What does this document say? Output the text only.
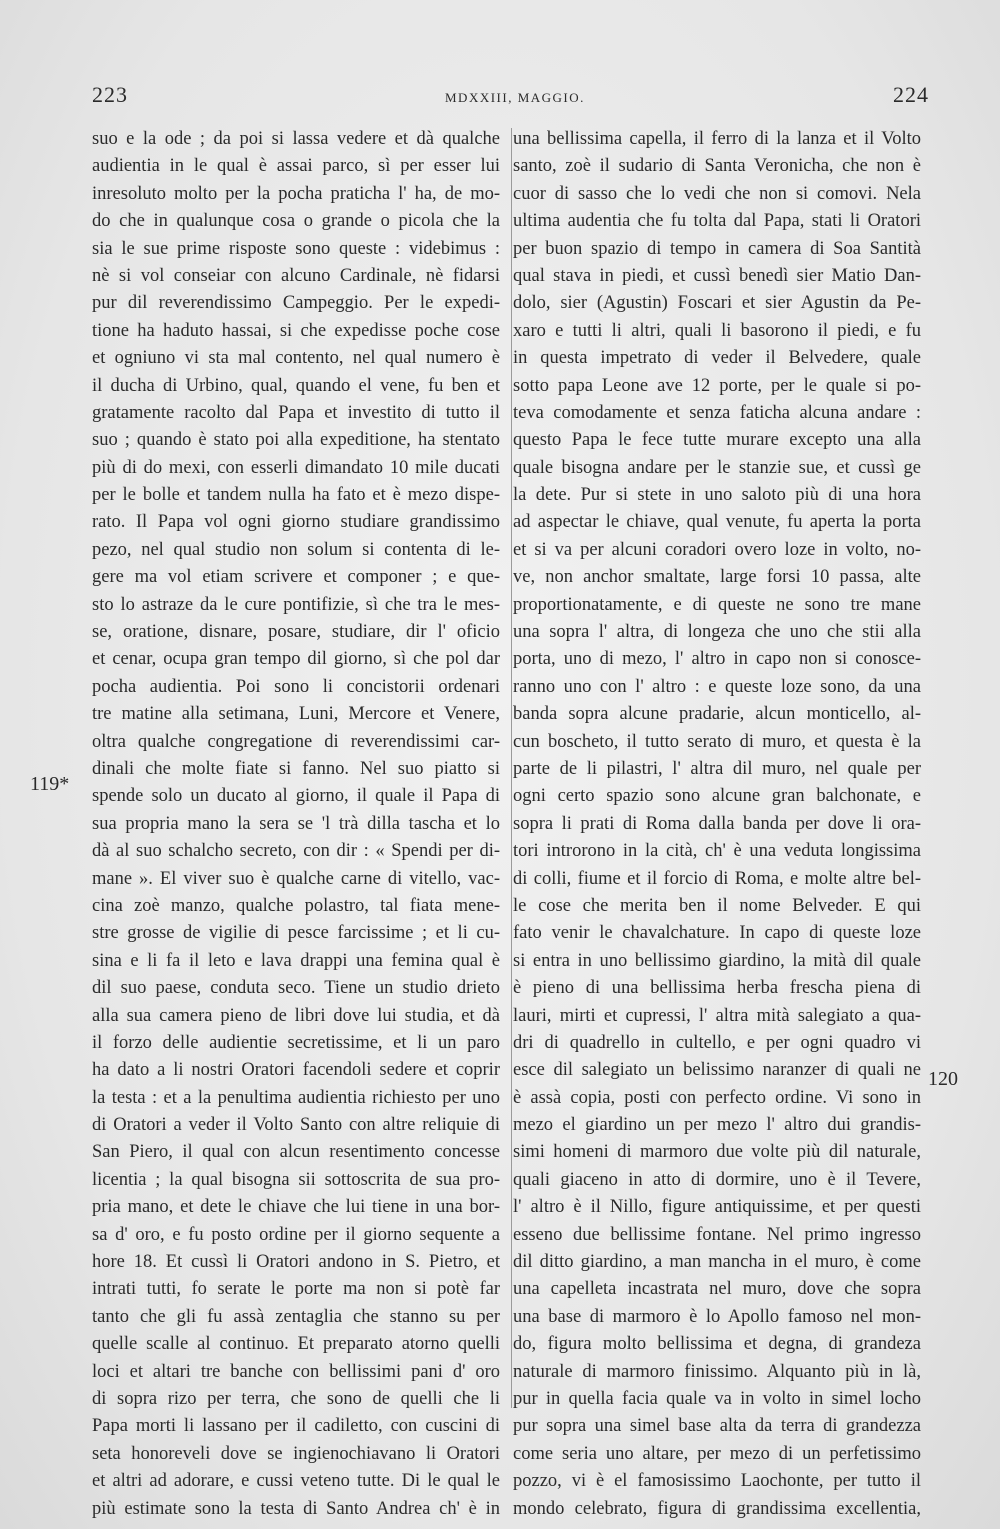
223	MDXXIII, MAGGIO.	224
119*
120
suo e la ode ; da poi si lassa vedere et dà qualche
audientia in le qual è assai parco, sì per esser lui
inresoluto molto per la pocha praticha l' ha, de mo-
do che in qualunque cosa o grande o picola che la
sia le sue prime risposte sono queste : videbimus :
nè si vol conseiar con alcuno Cardinale, nè fidarsi
pur dil reverendissimo Campeggio. Per le expedi-
tione ha haduto hassai, si che expedisse poche cose
et ogniuno vi sta mal contento, nel qual numero è
il ducha di Urbino, qual, quando el vene, fu ben et
gratamente racolto dal Papa et investito di tutto il
suo ; quando è stato poi alla expeditione, ha stentato
più di do mexi, con esserli dimandato 10 mile ducati
per le bolle et tandem nulla ha fato et è mezo dispe-
rato. Il Papa vol ogni giorno studiare grandissimo
pezo, nel qual studio non solum si contenta di le-
gere ma vol etiam scrivere et componer ; e que-
sto lo astraze da le cure pontifizie, sì che tra le mes-
se, oratione, disnare, posare, studiare, dir l' oficio
et cenar, ocupa gran tempo dil giorno, sì che pol dar
pocha audientia. Poi sono li concistorii ordenari
tre matine alla setimana, Luni, Mercore et Venere,
oltra qualche congregatione di reverendissimi car-
dinali che molte fiate si fanno. Nel suo piatto si
spende solo un ducato al giorno, il quale il Papa di
sua propria mano la sera se 'l trà dilla tascha et lo
dà al suo schalcho secreto, con dir : « Spendi per di-
mane ». El viver suo è qualche carne di vitello, vac-
cina zoè manzo, qualche polastro, tal fiata mene-
stre grosse de vigilie di pesce farcissime ; et li cu-
sina e li fa il leto e lava drappi una femina qual è
dil suo paese, conduta seco. Tiene un studio drieto
alla sua camera pieno de libri dove lui studia, et dà
il forzo delle audientie secretissime, et li un paro
ha dato a li nostri Oratori facendoli sedere et coprir
la testa : et a la penultima audientia richiesto per uno
di Oratori a veder il Volto Santo con altre reliquie di
San Piero, il qual con alcun resentimento concesse
licentia ; la qual bisogna sii sottoscrita de sua pro-
pria mano, et dete le chiave che lui tiene in una bor-
sa d' oro, e fu posto ordine per il giorno sequente a
hore 18. Et cussì li Oratori andono in S. Pietro, et
intrati tutti, fo serate le porte ma non si potè far
tanto che gli fu assà zentaglia che stanno su per
quelle scalle al continuo. Et preparato atorno quelli
loci et altari tre banche con bellissimi pani d' oro
di sopra rizo per terra, che sono de quelli che li
Papa morti li lassano per il cadiletto, con cuscini di
seta honoreveli dove se ingienochiavano li Oratori
et altri ad adorare, e cussi veteno tutte. Di le qual le
più estimate sono la testa di Santo Andrea ch' è in
una bellissima capella, il ferro di la lanza et il Volto
santo, zoè il sudario di Santa Veronicha, che non è
cuor di sasso che lo vedi che non si comovi. Nela
ultima audentia che fu tolta dal Papa, stati li Oratori
per buon spazio di tempo in camera di Soa Santità
qual stava in piedi, et cussì benedì sier Matio Dan-
dolo, sier (Agustin) Foscari et sier Agustin da Pe-
xaro e tutti li altri, quali li basorono il piedi, e fu
in questa impetrato di veder il Belvedere, quale
sotto papa Leone ave 12 porte, per le quale si po-
teva comodamente et senza faticha alcuna andare :
questo Papa le fece tutte murare excepto una alla
quale bisogna andare per le stanzie sue, et cussì ge
la dete. Pur si stete in uno saloto più di una hora
ad aspectar le chiave, qual venute, fu aperta la porta
et si va per alcuni coradori overo loze in volto, no-
ve, non anchor smaltate, large forsi 10 passa, alte
proportionatamente, e di queste ne sono tre mane
una sopra l' altra, di longeza che uno che stii alla
porta, uno di mezo, l' altro in capo non si conosce-
ranno uno con l' altro : e queste loze sono, da una
banda sopra alcune pradarie, alcun monticello, al-
cun boscheto, il tutto serato di muro, et questa è la
parte de li pilastri, l' altra dil muro, nel quale per
ogni certo spazio sono alcune gran balchonate, e
sopra li prati di Roma dalla banda per dove li ora-
tori introrono in la cità, ch' è una veduta longissima
di colli, fiume et il forcio di Roma, e molte altre bel-
le cose che merita ben il nome Belveder. E qui
fato venir le chavalchature. In capo di queste loze
si entra in uno bellissimo giardino, la mità dil quale
è pieno di una bellissima herba frescha piena di
lauri, mirti et cupressi, l' altra mità salegiato a qua-
dri di quadrello in cultello, e per ogni quadro vi
esce dil salegiato un belissimo naranzer di quali ne
è assà copia, posti con perfecto ordine. Vi sono in
mezo el giardino un per mezo l' altro dui grandis-
simi homeni di marmoro due volte più dil naturale,
quali giaceno in atto di dormire, uno è il Tevere,
l' altro è il Nillo, figure antiquissime, et per questi
esseno due bellissime fontane. Nel primo ingresso
dil ditto giardino, a man mancha in el muro, è come
una capelleta incastrata nel muro, dove che sopra
una base di marmoro è lo Apollo famoso nel mon-
do, figura molto bellissima et degna, di grandeza
naturale di marmoro finissimo. Alquanto più in là,
pur in quella facia quale va in volto in simel locho
pur sopra una simel base alta da terra di grandezza
come seria uno altare, per mezo di un perfetissimo
pozzo, vi è el famosissimo Laochonte, per tutto il
mondo celebrato, figura di grandissima excellentia,
